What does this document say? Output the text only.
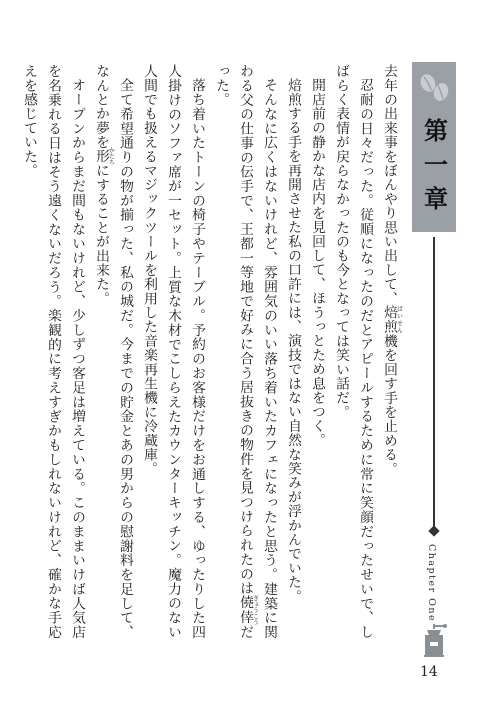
去年の出来事をぼんやり思い出して、焙煎ばいせん機を回す手を止める。

忍耐の日々だった。従順になったのだとアピールするために常に笑顔だったせいで、しばらく表情が戻らなかったのも今となっては笑い話だ。

開店前の静かな店内を見回して、ほうっとため息をつく。

焙煎する手を再開させた私の口許には、演技ではない自然な笑みが浮かんでいた。

そんなに広くはないけれど、雰囲気のいい落ち着いたカフェになったと思う。建築に関わる父の仕事の伝手で、王都一等地で好みに合う居抜きの物件を見つけられたのは僥倖ぎょうこうだった。

落ち着いたトーンの椅子やテーブル。予約のお客様だけをお通しする、ゆったりした四人掛けのソファ席が一セット。上質な木材でこしらえたカウンターキッチン。魔力のない人間でも扱えるマジックツールを利用した音楽再生機に冷蔵庫。

全て希望通りの物が揃った、私の城だ。今までの貯金とあの男からの慰謝料を足して、なんとか夢を形かたちにすることが出来た。

オープンからまだ間もないけれど、少しずつ客足は増えている。このままいけば人気店を名乗れる日はそう遠くないだろう。楽観的に考えすぎかもしれないけれど、確かな手応えを感じていた。	第一章
Chapter One
14
